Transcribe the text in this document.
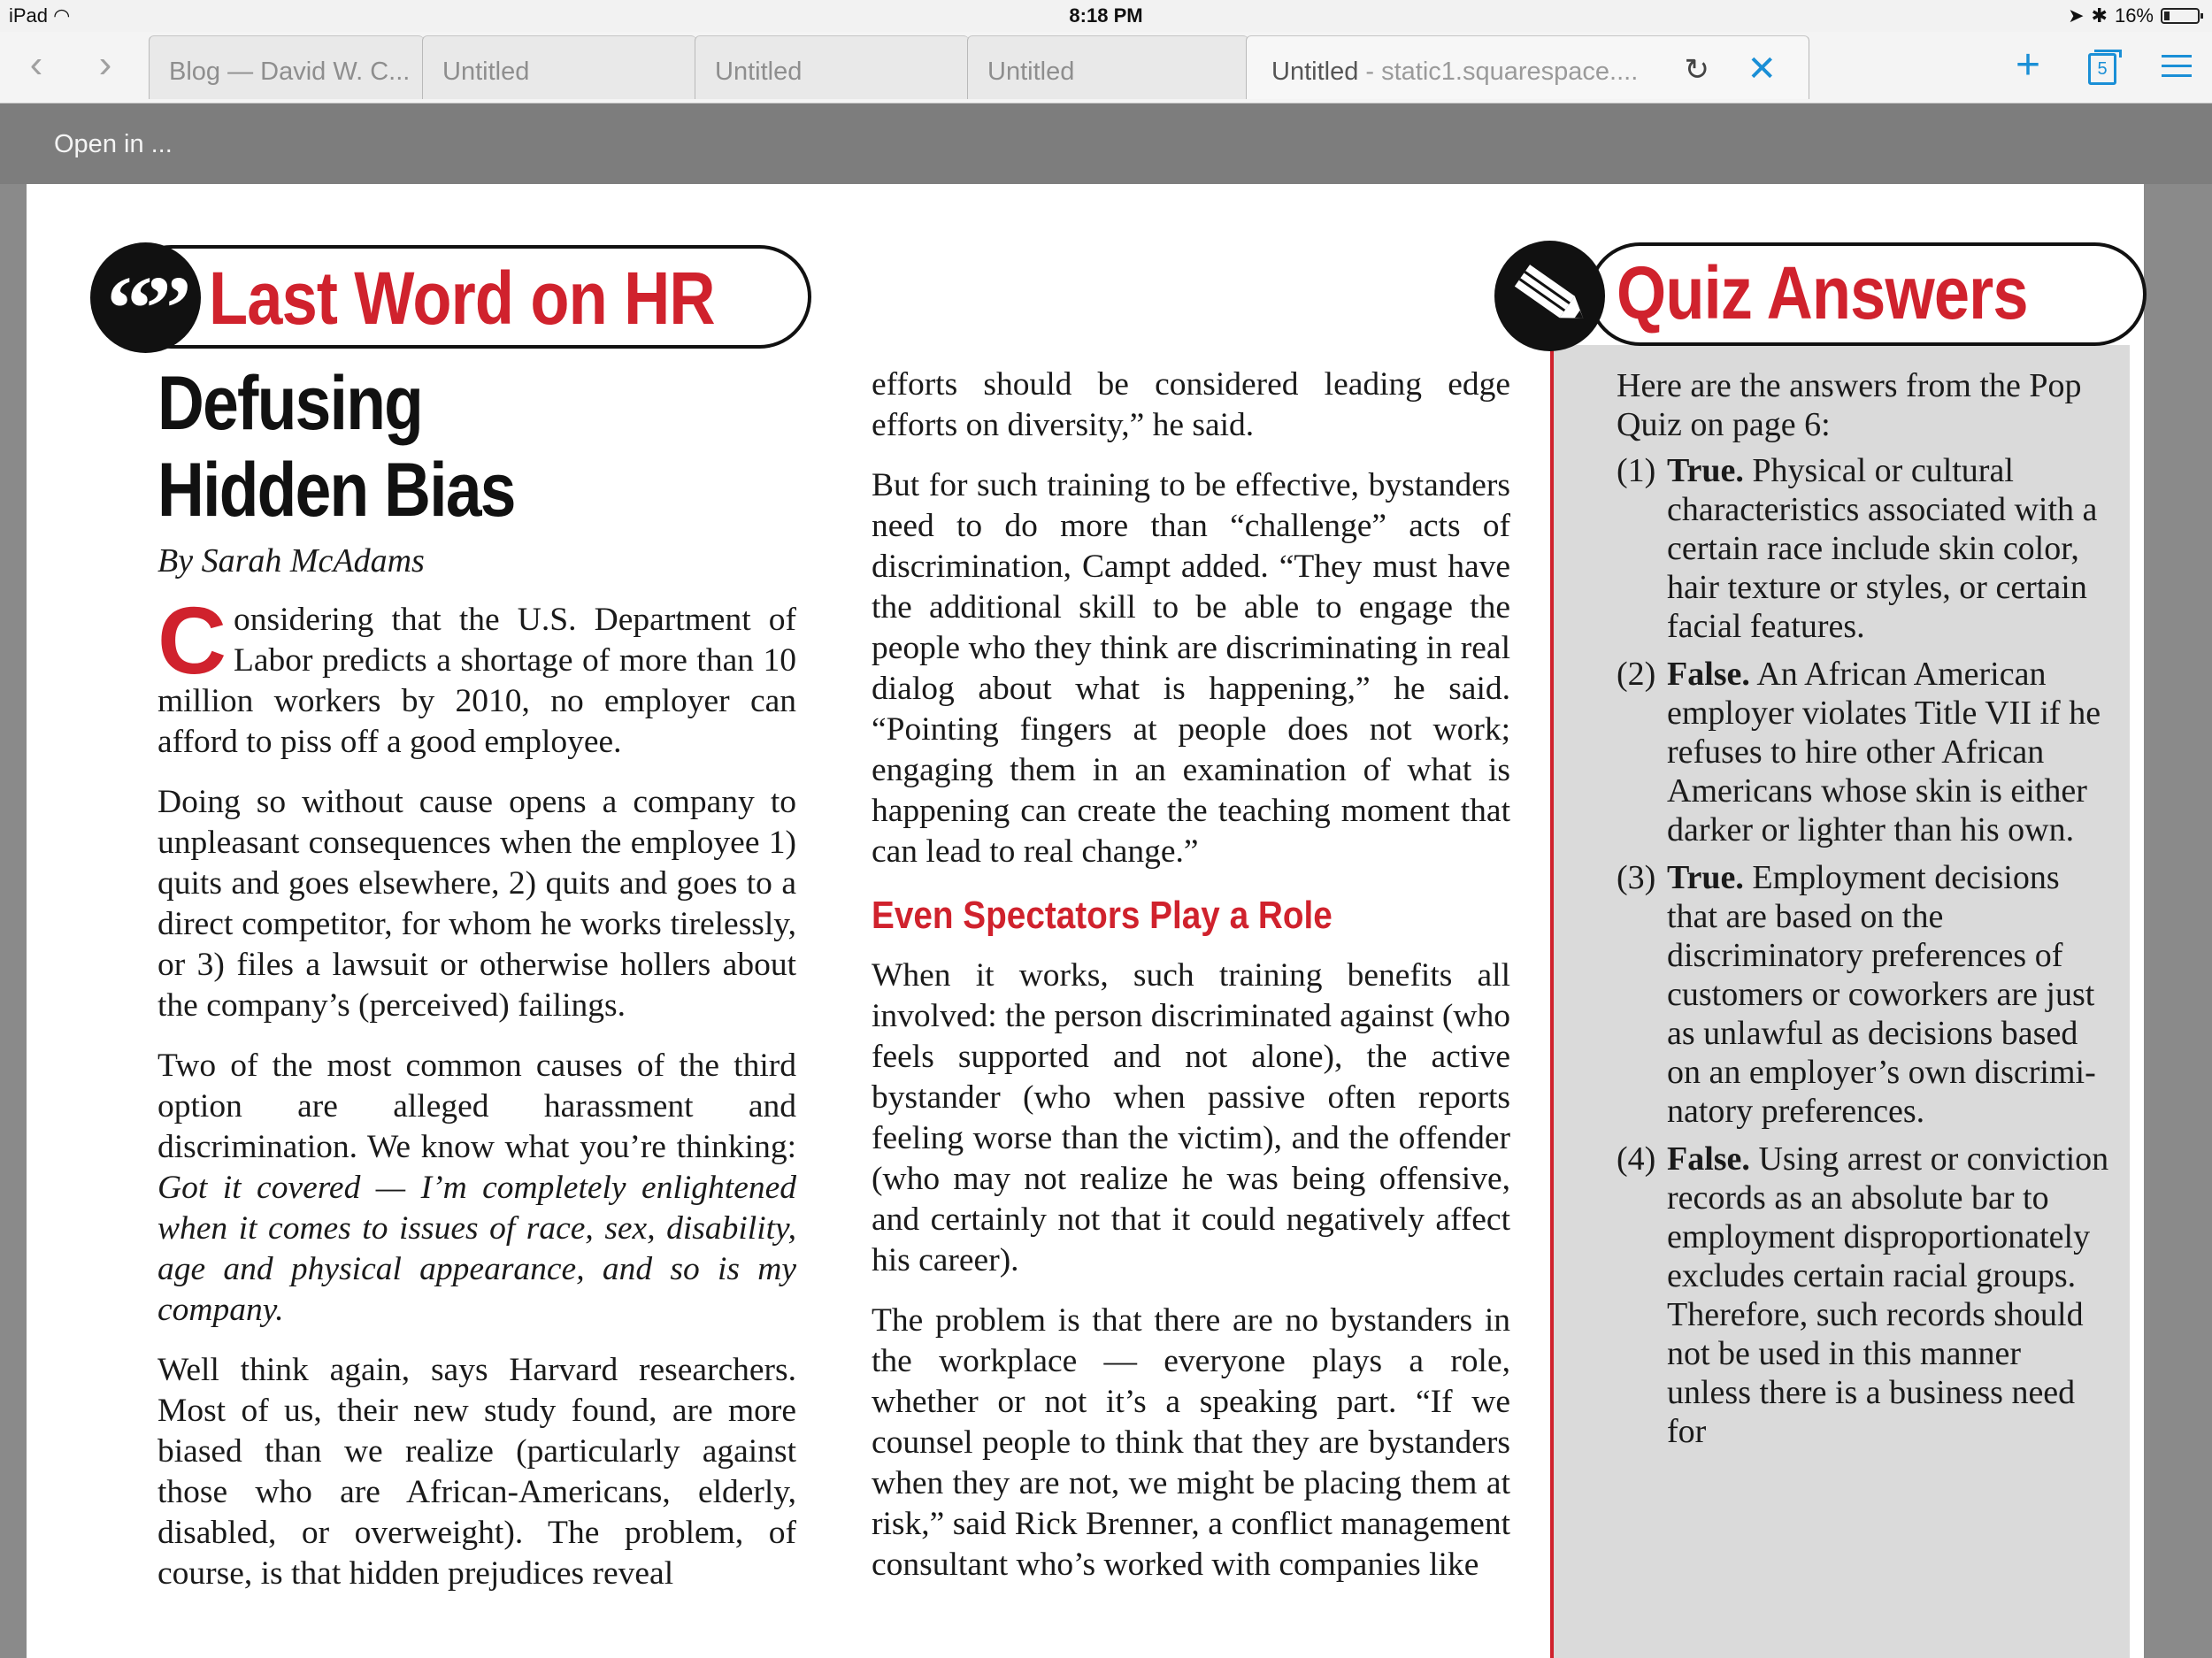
iPad ◠	8:18 PM	➤ ✱ 16%
‹	›	Blog — David W. C...	Untitled	Untitled	Untitled	Untitled - static1.squarespace.... ↻ ✕	+	5
Open in ...
“” Last Word on HR
Defusing
Hidden Bias
By Sarah McAdams

Considering that the U.S. Department of Labor predicts a shortage of more than 10 million workers by 2010, no employer can afford to piss off a good employee.

Doing so without cause opens a company to unpleasant consequences when the employee 1) quits and goes elsewhere, 2) quits and goes to a direct competitor, for whom he works tirelessly, or 3) files a lawsuit or otherwise hollers about the company’s (perceived) failings.

Two of the most common causes of the third option are alleged harassment and discrimination. We know what you’re thinking: Got it covered — I’m completely enlightened when it comes to issues of race, sex, disability, age and physical appearance, and so is my company.

Well think again, says Harvard researchers. Most of us, their new study found, are more biased than we realize (particularly against those who are African-Americans, elderly, disabled, or overweight). The problem, of course, is that hidden prejudices reveal

efforts should be considered leading edge efforts on diversity,” he said.

But for such training to be effective, bystanders need to do more than “challenge” acts of discrimination, Campt added. “They must have the additional skill to be able to engage the people who they think are discriminating in real dialog about what is happening,” he said. “Pointing fingers at people does not work; engaging them in an examination of what is happening can create the teaching moment that can lead to real change.”

Even Spectators Play a Role

When it works, such training benefits all involved: the person discriminated against (who feels supported and not alone), the active bystander (who when passive often reports feeling worse than the victim), and the offender (who may not realize he was being offensive, and certainly not that it could negatively affect his career).

The problem is that there are no bystanders in the workplace — everyone plays a role, whether or not it’s a speaking part. “If we counsel people to think that they are bystanders when they are not, we might be placing them at risk,” said Rick Brenner, a conflict management consultant who’s worked with companies like

Quiz Answers
Here are the answers from the Pop Quiz on page 6:
(1) True. Physical or cultural characteristics associated with a certain race include skin color, hair texture or styles, or certain facial features.
(2) False. An African American employer violates Title VII if he refuses to hire other African Americans whose skin is either darker or lighter than his own.
(3) True. Employment decisions that are based on the discriminatory preferences of customers or coworkers are just as unlawful as decisions based on an employer’s own discriminatory preferences.
(4) False. Using arrest or conviction records as an absolute bar to employment disproportionately excludes certain racial groups. Therefore, such records should not be used in this manner unless there is a business need for
